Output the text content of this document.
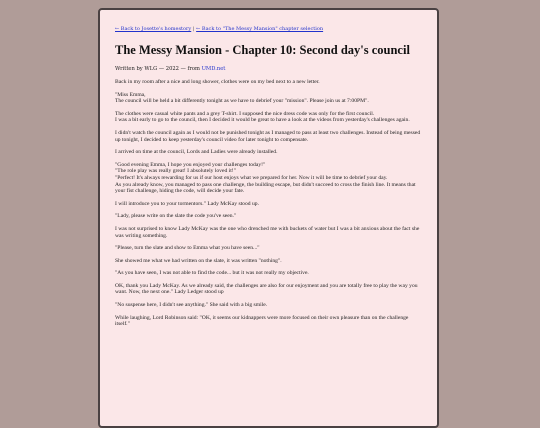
← Back to Josette's homestory | ← Back to "The Messy Mansion" chapter selection
The Messy Mansion - Chapter 10: Second day's council
Written by WLG — 2022 — from UMD.net

Back in my room after a nice and long shower, clothes were on my bed next to a new letter.

"Miss Emma,
The council will be held a bit differently tonight as we have to debrief your "mission". Please join us at 7:00PM".

The clothes were casual white pants and a grey T-shirt. I supposed the nice dress code was only for the first council.
I was a bit early to go to the council, then I decided it would be great to have a look at the videos from yesterday's challenges again.

I didn't watch the council again as I would not be punished tonight as I managed to pass at least two challenges. Instead of being messed up tonight, I decided to keep yesterday's council video for later tonight to compensate.

I arrived on time at the council, Lords and Ladies were already installed.

"Good evening Emma, I hope you enjoyed your challenges today!"
"The role play was really great! I absolutely loved it!"
"Perfect! It's always rewarding for us if our host enjoys what we prepared for her. Now it will be time to debrief your day.
As you already know, you managed to pass one challenge, the building escape, but didn't succeed to cross the finish line. It means that your fist challenge, hiding the code, will decide your fate.

I will introduce you to your tormentors." Lady McKay stood up.

"Lady, please write on the slate the code you've seen."

I was not surprised to know Lady McKay was the one who drenched me with buckets of water but I was a bit anxious about the fact she was writing something.

"Please, turn the slate and show to Emma what you have seen..."

She showed me what we had written on the slate, it was written "nothing".

"As you have seen, I was not able to find the code... but it was not really my objective.

OK, thank you Lady McKay. As we already said, the challenges are also for our enjoyment and you are totally free to play the way you want. Now, the next one." Lady Ledger stood up

"No suspense here, I didn't see anything." She said with a big smile.

While laughing, Lord Robinson said: "OK, it seems our kidnappers were more focused on their own pleasure than on the challenge itself."
